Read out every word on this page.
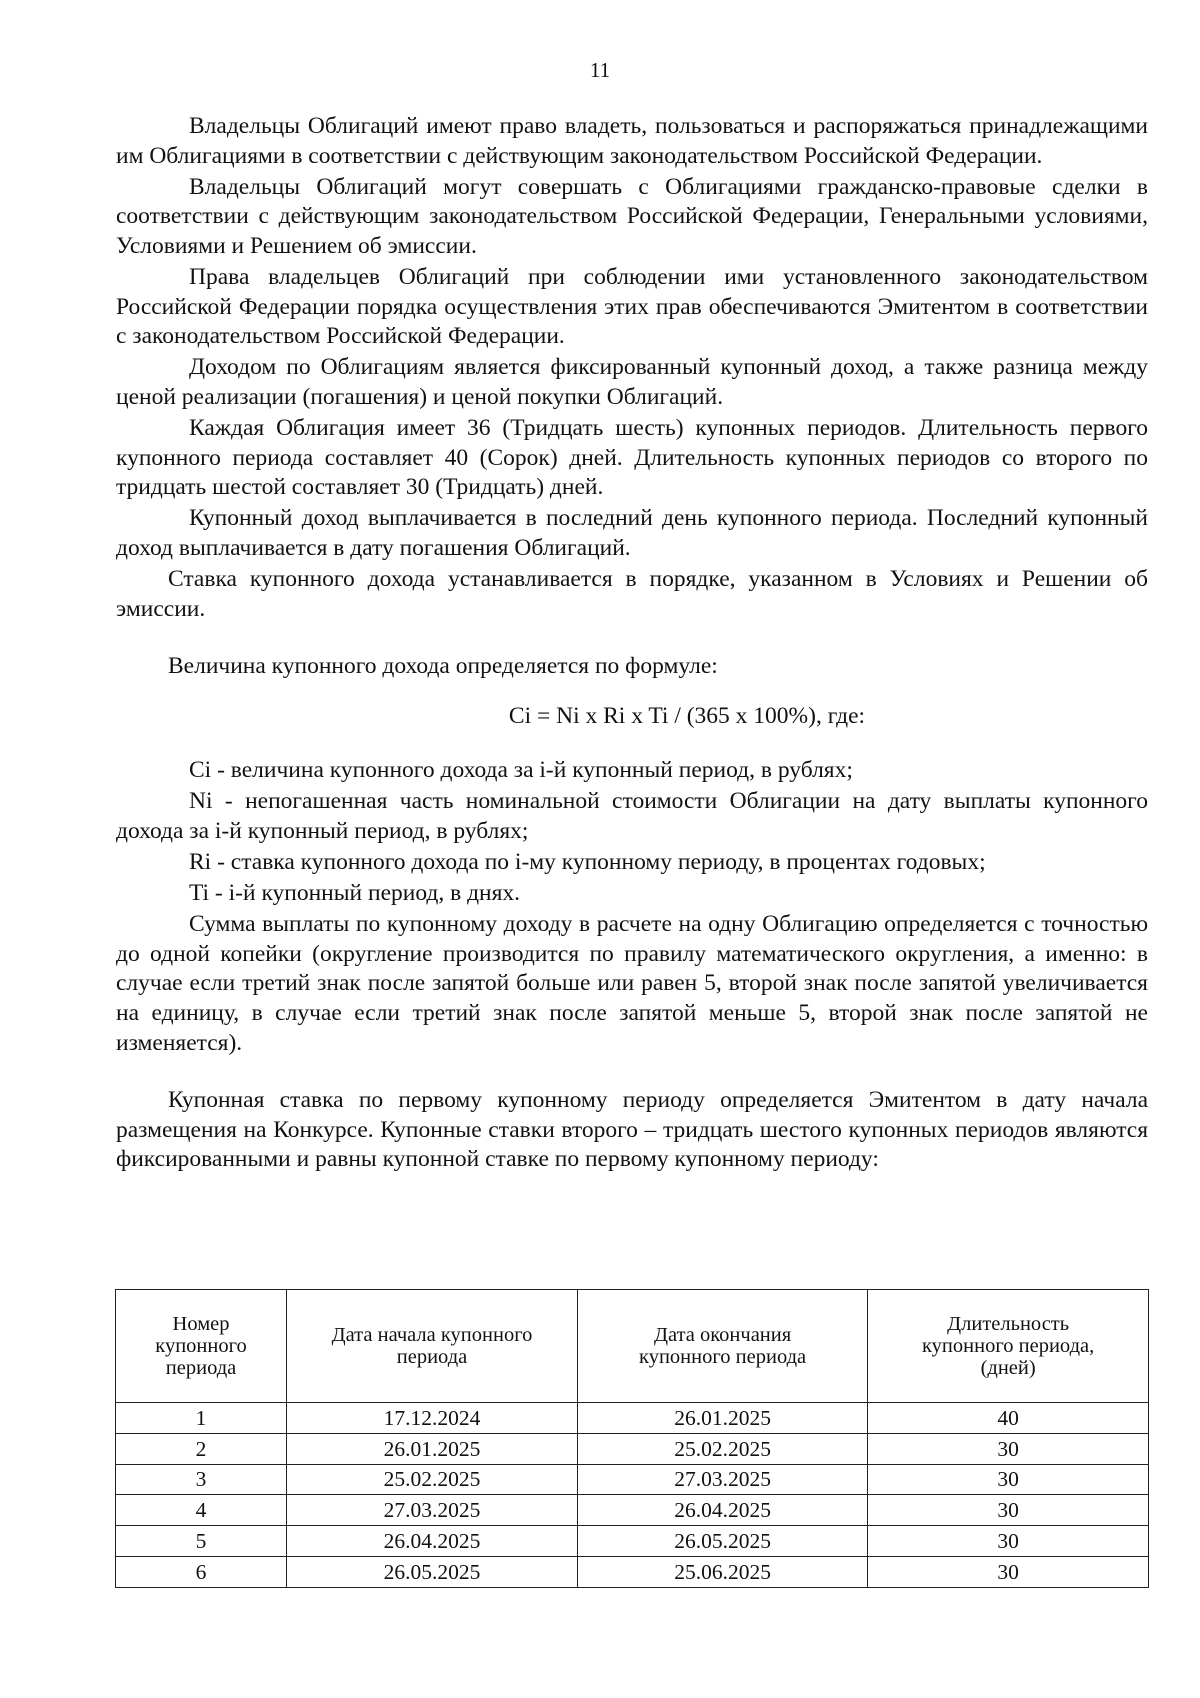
11

Владельцы Облигаций имеют право владеть, пользоваться и распоряжаться принадлежащими им Облигациями в соответствии с действующим законодательством Российской Федерации.

Владельцы Облигаций могут совершать с Облигациями гражданско-правовые сделки в соответствии с действующим законодательством Российской Федерации, Генеральными условиями, Условиями и Решением об эмиссии.

Права владельцев Облигаций при соблюдении ими установленного законодательством Российской Федерации порядка осуществления этих прав обеспечиваются Эмитентом в соответствии с законодательством Российской Федерации.

Доходом по Облигациям является фиксированный купонный доход, а также разница между ценой реализации (погашения) и ценой покупки Облигаций.

Каждая Облигация имеет 36 (Тридцать шесть) купонных периодов. Длительность первого купонного периода составляет 40 (Сорок) дней. Длительность купонных периодов со второго по тридцать шестой составляет 30 (Тридцать) дней.

Купонный доход выплачивается в последний день купонного периода. Последний купонный доход выплачивается в дату погашения Облигаций.

Ставка купонного дохода устанавливается в порядке, указанном в Условиях и Решении об эмиссии.

Величина купонного дохода определяется по формуле:

Ci = Ni x Ri x Ti / (365 x 100%), где:

Ci - величина купонного дохода за i-й купонный период, в рублях;

Ni - непогашенная часть номинальной стоимости Облигации на дату выплаты купонного дохода за i-й купонный период, в рублях;

Ri - ставка купонного дохода по i-му купонному периоду, в процентах годовых;

Ti - i-й купонный период, в днях.

Сумма выплаты по купонному доходу в расчете на одну Облигацию определяется с точностью до одной копейки (округление производится по правилу математического округления, а именно: в случае если третий знак после запятой больше или равен 5, второй знак после запятой увеличивается на единицу, в случае если третий знак после запятой меньше 5, второй знак после запятой не изменяется).

Купонная ставка по первому купонному периоду определяется Эмитентом в дату начала размещения на Конкурсе. Купонные ставки второго – тридцать шестого купонных периодов являются фиксированными и равны купонной ставке по первому купонному периоду:

Номер купонного периода	Дата начала купонного периода	Дата окончания купонного периода	Длительность купонного периода, (дней)
1	17.12.2024	26.01.2025	40
2	26.01.2025	25.02.2025	30
3	25.02.2025	27.03.2025	30
4	27.03.2025	26.04.2025	30
5	26.04.2025	26.05.2025	30
6	26.05.2025	25.06.2025	30
